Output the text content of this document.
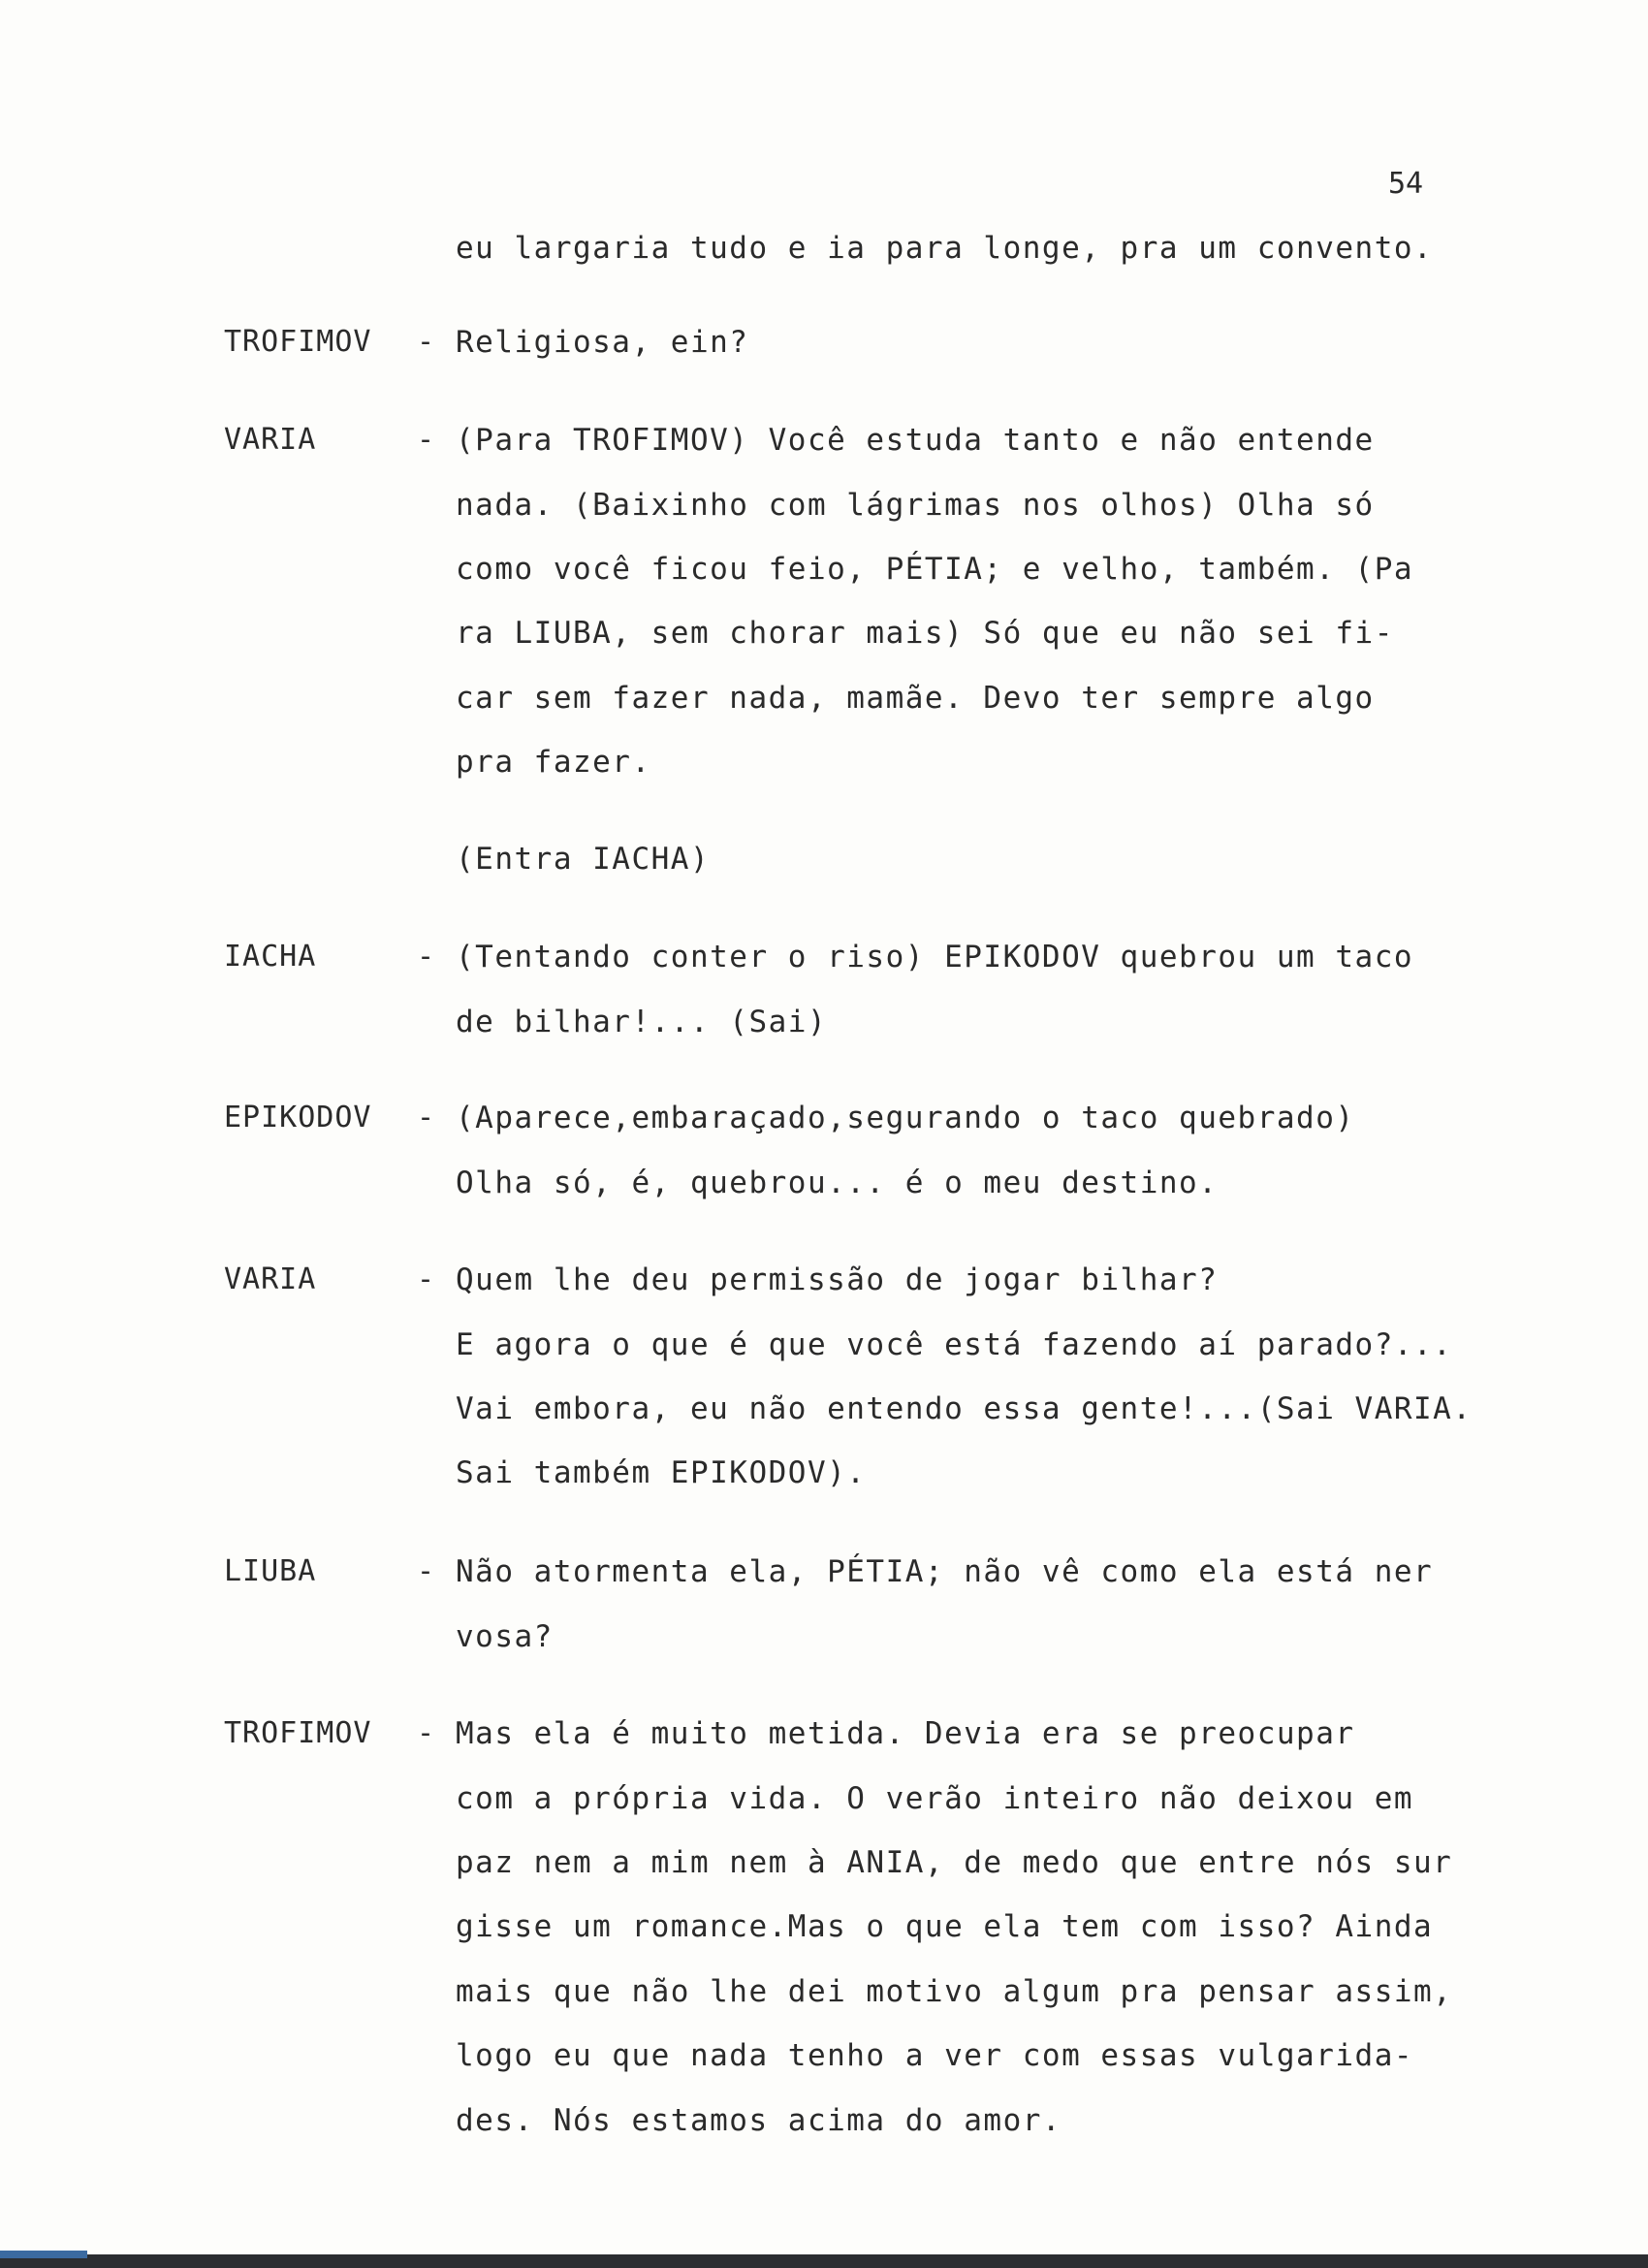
54
eu largaria tudo e ia para longe, pra um convento.
TROFIMOV - Religiosa, ein?
VARIA	- (Para TROFIMOV) Você estuda tanto e não entende
nada. (Baixinho com lágrimas nos olhos) Olha só
como você ficou feio, PÉTIA; e velho, também. (Pa
ra LIUBA, sem chorar mais) Só que eu não sei fi-
car sem fazer nada, mamãe. Devo ter sempre algo
pra fazer.
(Entra IACHA)
IACHA	- (Tentando conter o riso) EPIKODOV quebrou um taco
de bilhar!... (Sai)
EPIKODOV - (Aparece,embaraçado,segurando o taco quebrado)
Olha só, é, quebrou... é o meu destino.
VARIA	- Quem lhe deu permissão de jogar bilhar?
E agora o que é que você está fazendo aí parado?...
Vai embora, eu não entendo essa gente!...(Sai VARIA.
Sai também EPIKODOV).
LIUBA	- Não atormenta ela, PÉTIA; não vê como ela está ner
vosa?
TROFIMOV - Mas ela é muito metida. Devia era se preocupar
com a própria vida. O verão inteiro não deixou em
paz nem a mim nem à ANIA, de medo que entre nós sur
gisse um romance.Mas o que ela tem com isso? Ainda
mais que não lhe dei motivo algum pra pensar assim,
logo eu que nada tenho a ver com essas vulgarida-
des. Nós estamos acima do amor.
